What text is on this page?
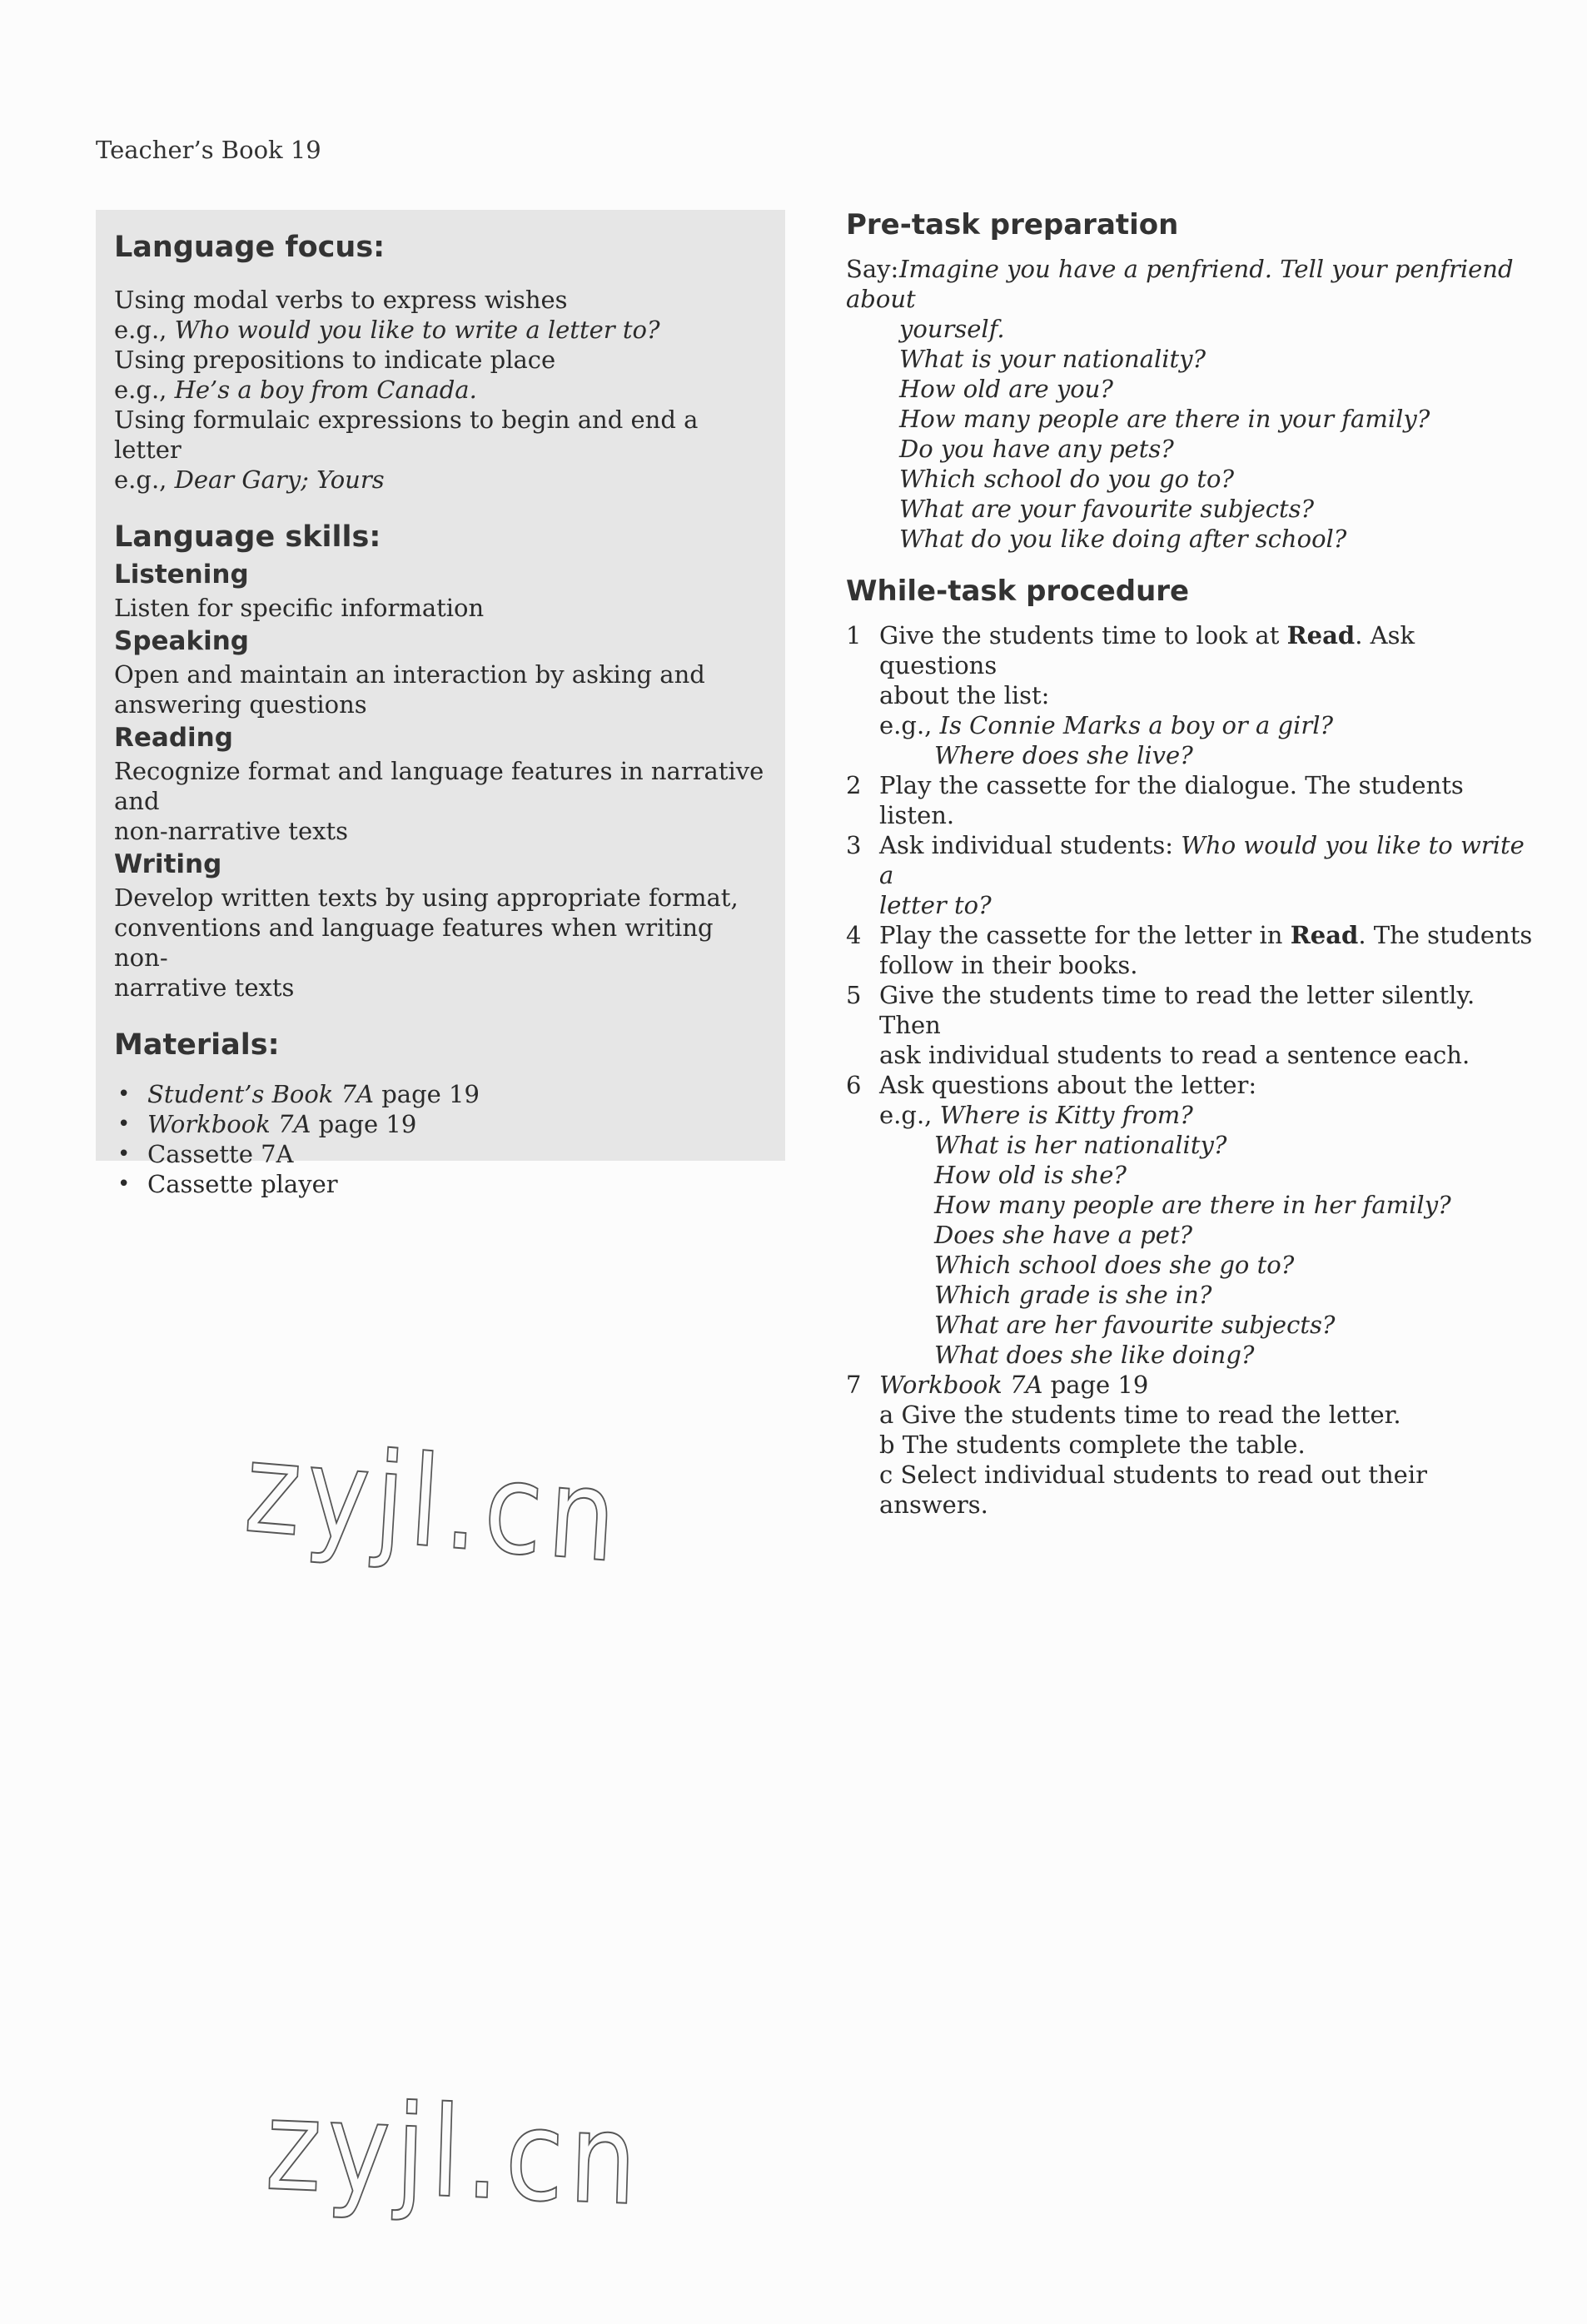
Teacher’s Book 19
Language focus:
Using modal verbs to express wishes
e.g., Who would you like to write a letter to?
Using prepositions to indicate place
e.g., He’s a boy from Canada.
Using formulaic expressions to begin and end a letter
e.g., Dear Gary; Yours
Language skills:
Listening
Listen for specific information
Speaking
Open and maintain an interaction by asking and
answering questions
Reading
Recognize format and language features in narrative and
non-narrative texts
Writing
Develop written texts by using appropriate format,
conventions and language features when writing non-
narrative texts
Materials:
• Student’s Book 7A page 19
• Workbook 7A page 19
• Cassette 7A
• Cassette player
Pre-task preparation
Say:Imagine you have a penfriend. Tell your penfriend about
yourself.
What is your nationality?
How old are you?
How many people are there in your family?
Do you have any pets?
Which school do you go to?
What are your favourite subjects?
What do you like doing after school?
While-task procedure
1 Give the students time to look at Read. Ask questions
about the list:
e.g., Is Connie Marks a boy or a girl?
Where does she live?
2 Play the cassette for the dialogue. The students listen.
3 Ask individual students: Who would you like to write a
letter to?
4 Play the cassette for the letter in Read. The students
follow in their books.
5 Give the students time to read the letter silently. Then
ask individual students to read a sentence each.
6 Ask questions about the letter:
e.g., Where is Kitty from?
What is her nationality?
How old is she?
How many people are there in her family?
Does she have a pet?
Which school does she go to?
Which grade is she in?
What are her favourite subjects?
What does she like doing?
7 Workbook 7A page 19
a Give the students time to read the letter.
b The students complete the table.
c Select individual students to read out their answers.
zyjl.cn
zyjl.cn
